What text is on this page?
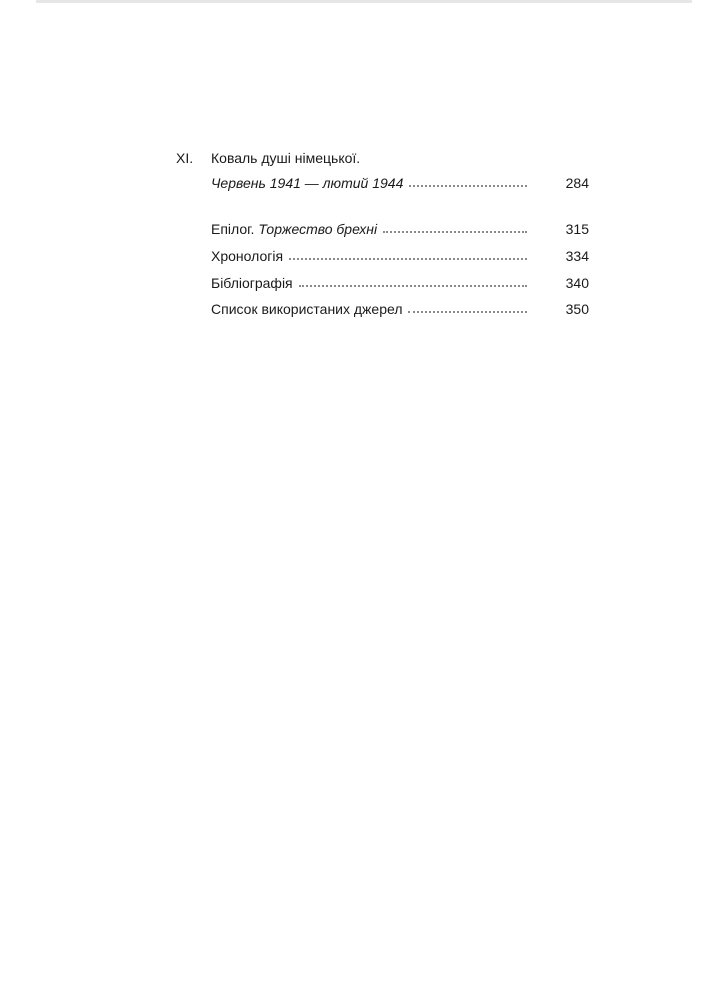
XI.	Коваль душі німецької.
Червень 1941 — лютий 1944	284
Епілог. Торжество брехні	315
Хронологія	334
Бібліографія	340
Список використаних джерел	350
